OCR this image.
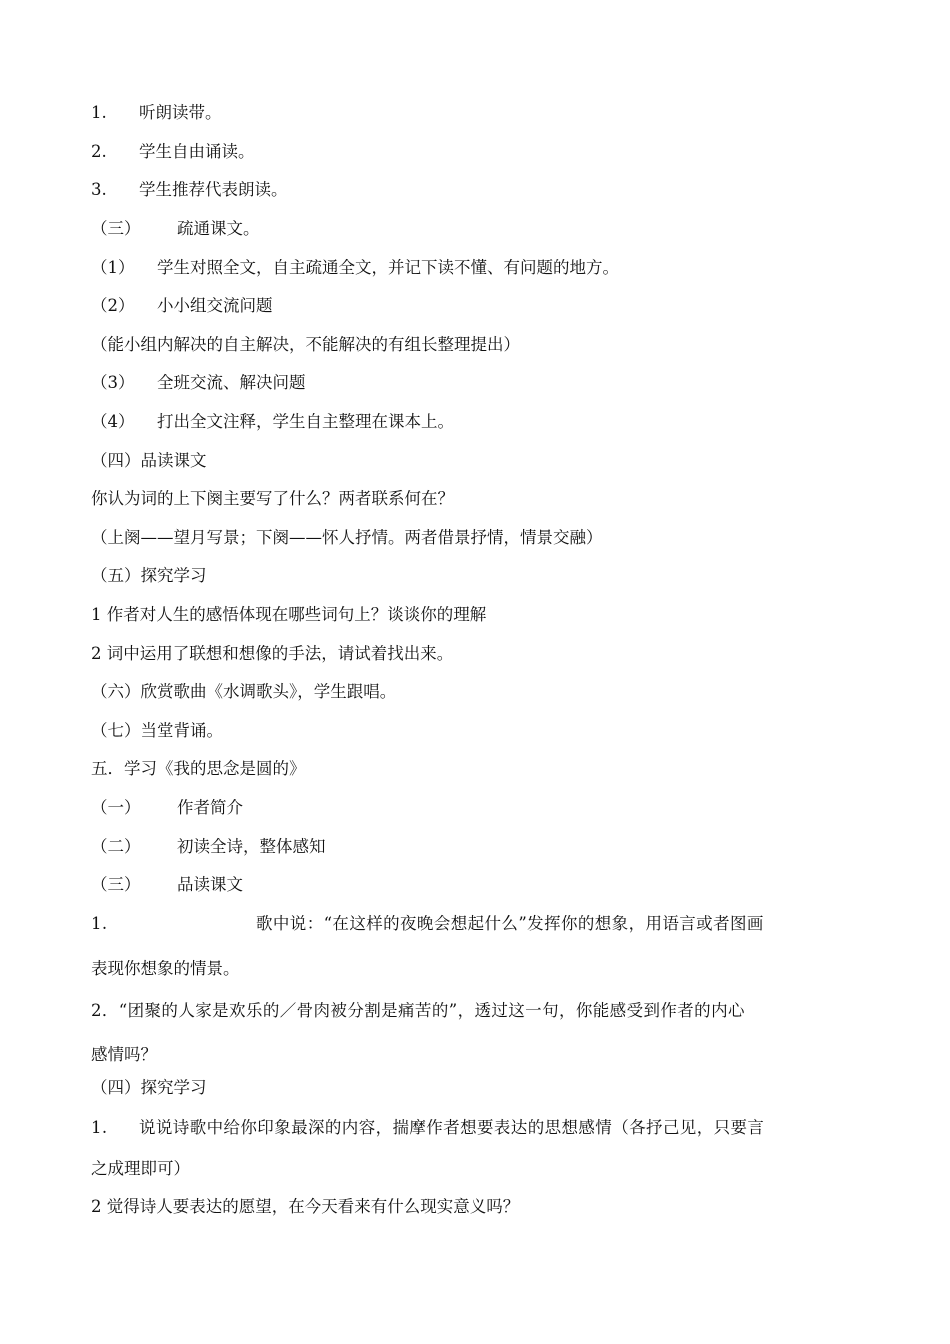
1. 听朗读带。
2. 学生自由诵读。
3. 学生推荐代表朗读。
（三） 疏通课文。
（1） 学生对照全文，自主疏通全文，并记下读不懂、有问题的地方。
（2） 小小组交流问题
（能小组内解决的自主解决，不能解决的有组长整理提出）
（3） 全班交流、解决问题
（4） 打出全文注释，学生自主整理在课本上。
（四）品读课文
你认为词的上下阕主要写了什么？两者联系何在？
（上阕——望月写景；下阕——怀人抒情。两者借景抒情，情景交融）
（五）探究学习
1 作者对人生的感悟体现在哪些词句上？谈谈你的理解
2 词中运用了联想和想像的手法，请试着找出来。
（六）欣赏歌曲《水调歌头》，学生跟唱。
（七）当堂背诵。
五．学习《我的思念是圆的》
（一） 作者简介
（二） 初读全诗，整体感知
（三） 品读课文
1.	歌中说：“在这样的夜晚会想起什么”发挥你的想象，用语言或者图画
表现你想象的情景。
2．“团聚的人家是欢乐的／骨肉被分割是痛苦的”，透过这一句，你能感受到作者的内心
感情吗？
（四）探究学习
1. 说说诗歌中给你印象最深的内容，揣摩作者想要表达的思想感情（各抒己见，只要言
之成理即可）
2 觉得诗人要表达的愿望，在今天看来有什么现实意义吗？
